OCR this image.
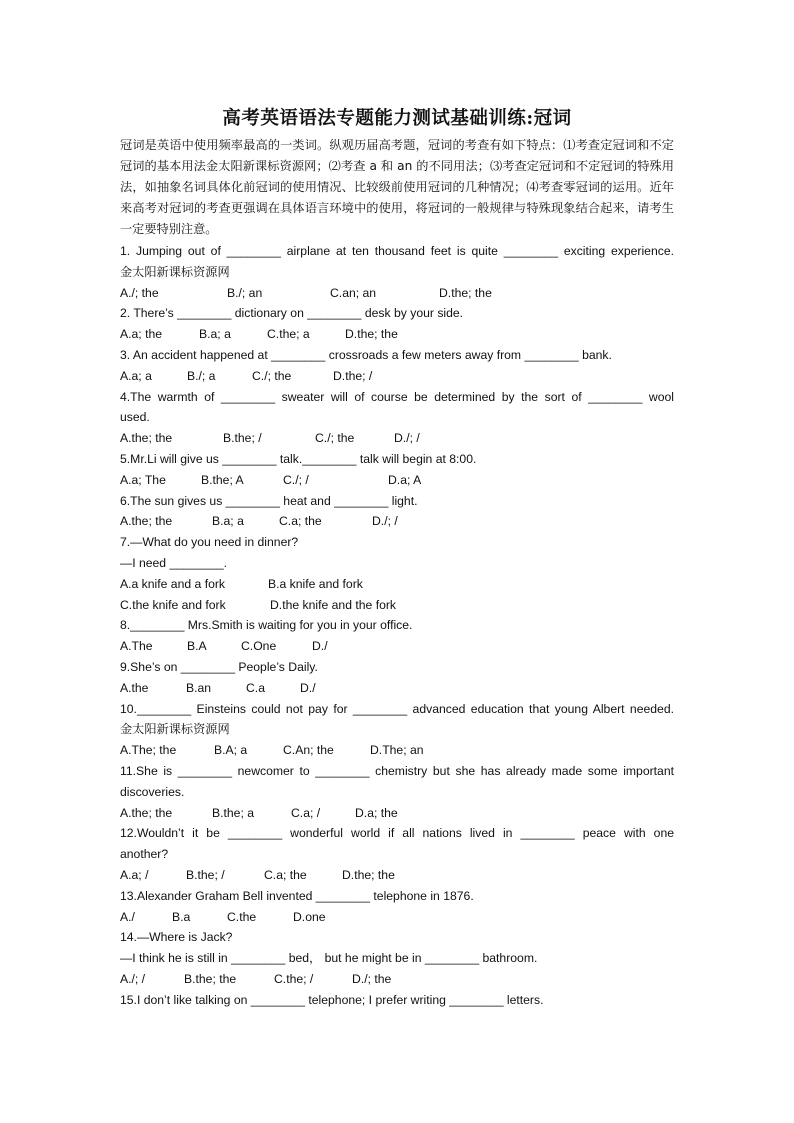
高考英语语法专题能力测试基础训练:冠词
冠词是英语中使用频率最高的一类词。纵观历届高考题，冠词的考查有如下特点：⑴考查定冠词和不定冠词的基本用法金太阳新课标资源网；⑵考查 a 和 an 的不同用法；⑶考查定冠词和不定冠词的特殊用法，如抽象名词具体化前冠词的使用情况、比较级前使用冠词的几种情况；⑷考查零冠词的运用。近年来高考对冠词的考查更强调在具体语言环境中的使用，将冠词的一般规律与特殊现象结合起来，请考生一定要特别注意。
1. Jumping out of ________ airplane at ten thousand feet is quite ________ exciting experience.
金太阳新课标资源网
A./; the	B./; an	C.an; an	D.the; the
2. There’s ________ dictionary on ________ desk by your side.
A.a; the	B.a; a	C.the; a	D.the; the
3. An accident happened at ________ crossroads a few meters away from ________ bank.
A.a; a	B./; a	C./; the	D.the; /
4.The warmth of ________ sweater will of course be determined by the sort of ________ wool
used.
A.the; the	B.the; /	C./; the	D./; /
5.Mr.Li will give us ________ talk.________ talk will begin at 8:00.
A.a; The	B.the; A	C./; /	D.a; A
6.The sun gives us ________ heat and ________ light.
A.the; the	B.a; a	C.a; the	D./; /
7.—What do you need in dinner?
—I need ________.
A.a knife and a fork	B.a knife and fork
C.the knife and fork	D.the knife and the fork
8.________ Mrs.Smith is waiting for you in your office.
A.The	B.A	C.One	D./
9.She’s on ________ People’s Daily.
A.the	B.an	C.a	D./
10.________ Einsteins could not pay for ________ advanced education that young Albert needed.
金太阳新课标资源网
A.The; the	B.A; a	C.An; the	D.The; an
11.She is ________ newcomer to ________ chemistry but she has already made some important
discoveries.
A.the; the	B.the; a	C.a; /	D.a; the
12.Wouldn’t it be ________ wonderful world if all nations lived in ________ peace with one
another?
A.a; /	B.the; /	C.a; the	D.the; the
13.Alexander Graham Bell invented ________ telephone in 1876.
A./	B.a	C.the	D.one
14.—Where is Jack?
—I think he is still in ________ bed， but he might be in ________ bathroom.
A./; /	B.the; the	C.the; /	D./; the
15.I don’t like talking on ________ telephone; I prefer writing ________ letters.
